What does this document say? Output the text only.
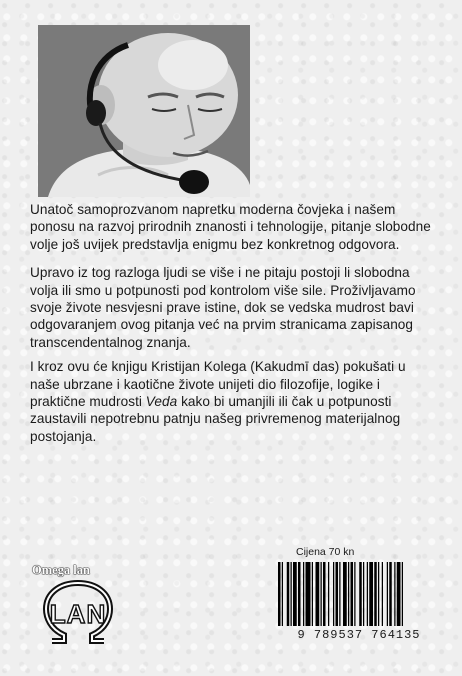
Unatoč samoprozvanom napretku moderna čovjeka i našem ponosu na razvoj prirodnih znanosti i tehnologije, pitanje slobodne volje još uvijek predstavlja enigmu bez konkretnog odgovora.

Upravo iz tog razloga ljudi se više i ne pitaju postoji li slobodna volja ili smo u potpunosti pod kontrolom više sile. Proživljavamo svoje živote nesvjesni prave istine, dok se vedska mudrost bavi odgovaranjem ovog pitanja već na prvim stranicama zapisanog transcendentalnog znanja.

I kroz ovu će knjigu Kristijan Kolega (Kakudmī das) pokušati u naše ubrzane i kaotične živote unijeti dio filozofije, logike i praktične mudrosti Veda kako bi umanjili ili čak u potpunosti zaustavili nepotrebnu patnju našeg privremenog materijalnog postojanja.

Cijena 70 kn
Omega lan
LAN
9 789537 764135
